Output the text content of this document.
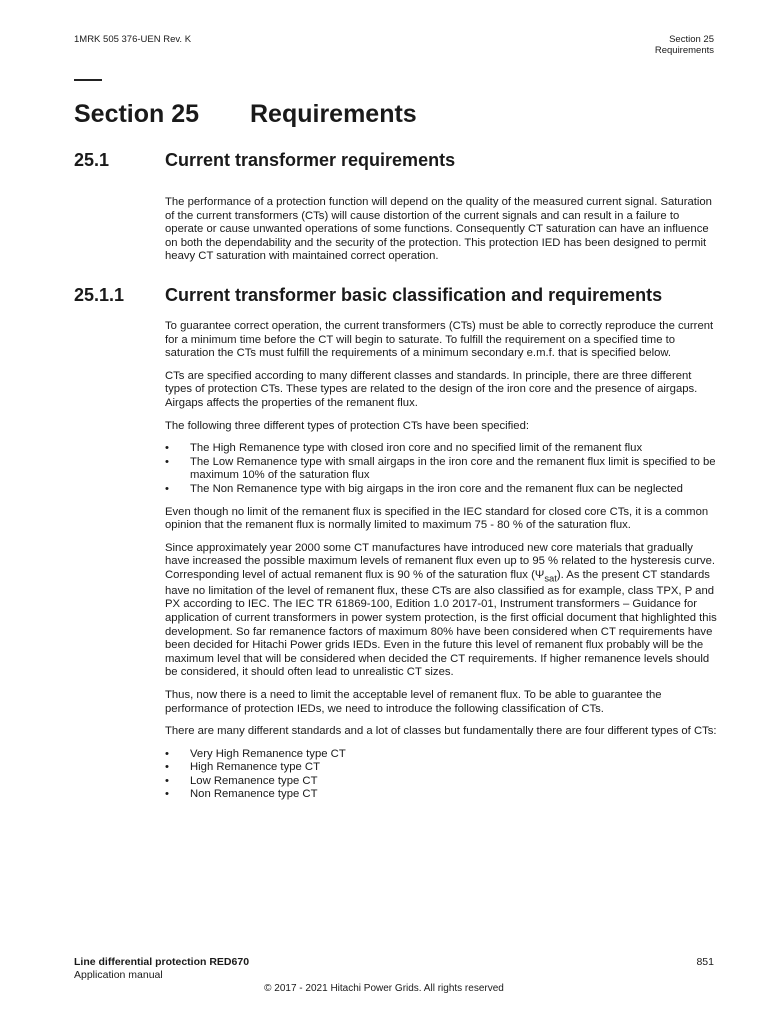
1MRK 505 376-UEN Rev. K	Section 25
Requirements
Section 25 Requirements
25.1	Current transformer requirements

The performance of a protection function will depend on the quality of the measured current signal. Saturation of the current transformers (CTs) will cause distortion of the current signals and can result in a failure to operate or cause unwanted operations of some functions. Consequently CT saturation can have an influence on both the dependability and the security of the protection. This protection IED has been designed to permit heavy CT saturation with maintained correct operation.

25.1.1 Current transformer basic classification and requirements

To guarantee correct operation, the current transformers (CTs) must be able to correctly reproduce the current for a minimum time before the CT will begin to saturate. To fulfill the requirement on a specified time to saturation the CTs must fulfill the requirements of a minimum secondary e.m.f. that is specified below.

CTs are specified according to many different classes and standards. In principle, there are three different types of protection CTs. These types are related to the design of the iron core and the presence of airgaps. Airgaps affects the properties of the remanent flux.

The following three different types of protection CTs have been specified:

• The High Remanence type with closed iron core and no specified limit of the remanent flux
• The Low Remanence type with small airgaps in the iron core and the remanent flux limit is specified to be maximum 10% of the saturation flux
• The Non Remanence type with big airgaps in the iron core and the remanent flux can be neglected

Even though no limit of the remanent flux is specified in the IEC standard for closed core CTs, it is a common opinion that the remanent flux is normally limited to maximum 75 - 80 % of the saturation flux.

Since approximately year 2000 some CT manufactures have introduced new core materials that gradually have increased the possible maximum levels of remanent flux even up to 95 % related to the hysteresis curve. Corresponding level of actual remanent flux is 90 % of the saturation flux $(\Psi_{sat})$. As the present CT standards have no limitation of the level of remanent flux, these CTs are also classified as for example, class TPX, P and PX according to IEC. The IEC TR 61869-100, Edition 1.0 2017-01, Instrument transformers – Guidance for application of current transformers in power system protection, is the first official document that highlighted this development. So far remanence factors of maximum 80% have been considered when CT requirements have been decided for Hitachi Power grids IEDs. Even in the future this level of remanent flux probably will be the maximum level that will be considered when decided the CT requirements. If higher remanence levels should be considered, it should often lead to unrealistic CT sizes.

Thus, now there is a need to limit the acceptable level of remanent flux. To be able to guarantee the performance of protection IEDs, we need to introduce the following classification of CTs.

There are many different standards and a lot of classes but fundamentally there are four different types of CTs:

• Very High Remanence type CT
• High Remanence type CT
• Low Remanence type CT
• Non Remanence type CT
Line differential protection RED670
Application manual
851
© 2017 - 2021 Hitachi Power Grids. All rights reserved
